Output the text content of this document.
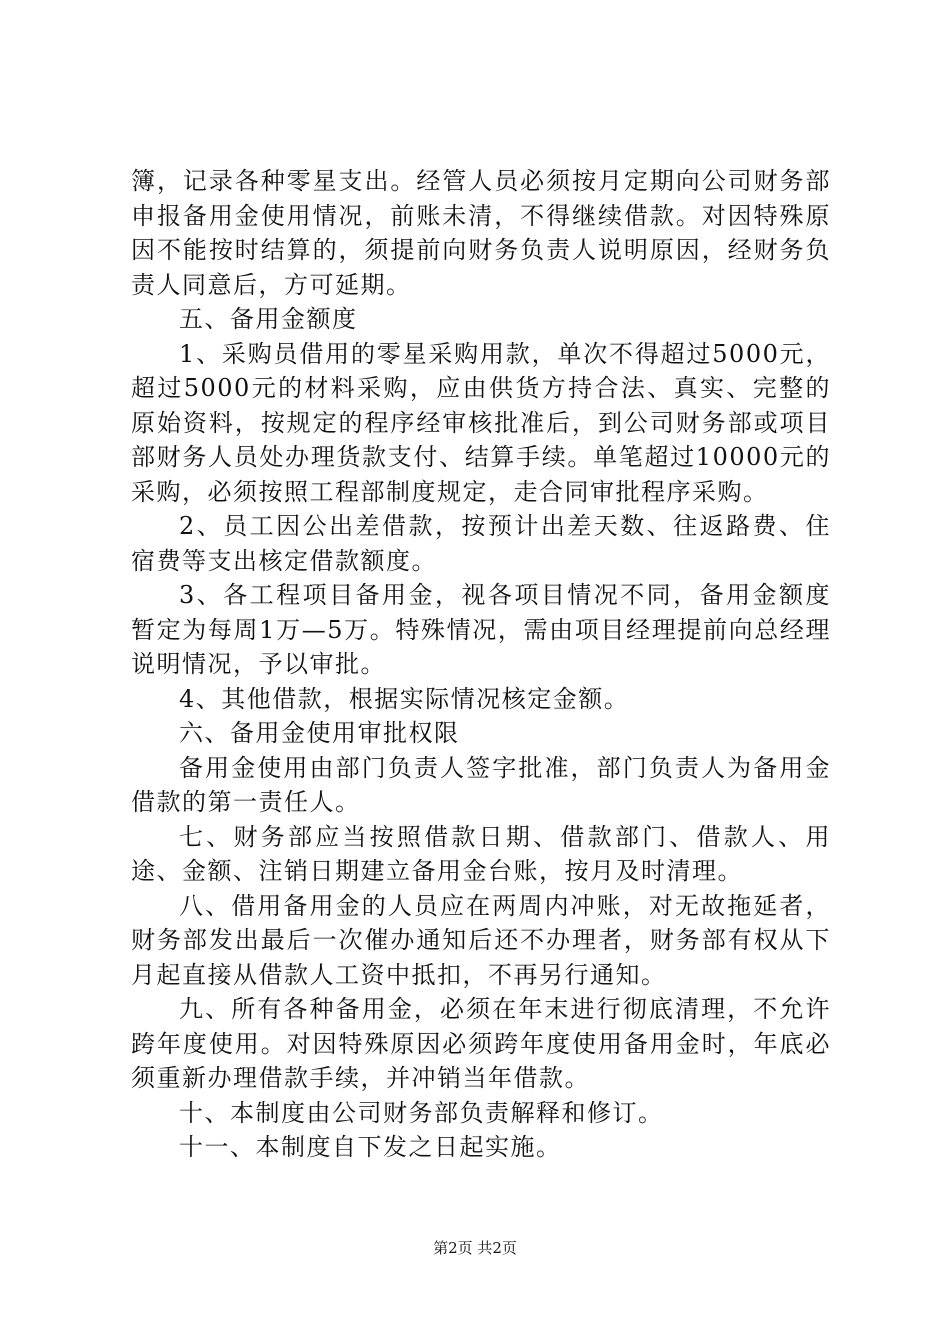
簿，记录各种零星支出。经管人员必须按月定期向公司财务部申报备用金使用情况，前账未清，不得继续借款。对因特殊原因不能按时结算的，须提前向财务负责人说明原因，经财务负责人同意后，方可延期。

五、备用金额度

1、采购员借用的零星采购用款，单次不得超过5000元，超过5000元的材料采购，应由供货方持合法、真实、完整的原始资料，按规定的程序经审核批准后，到公司财务部或项目部财务人员处办理货款支付、结算手续。单笔超过10000元的采购，必须按照工程部制度规定，走合同审批程序采购。

2、员工因公出差借款，按预计出差天数、往返路费、住宿费等支出核定借款额度。

3、各工程项目备用金，视各项目情况不同，备用金额度暂定为每周1万—5万。特殊情况，需由项目经理提前向总经理说明情况，予以审批。

4、其他借款，根据实际情况核定金额。

六、备用金使用审批权限

备用金使用由部门负责人签字批准，部门负责人为备用金借款的第一责任人。

七、财务部应当按照借款日期、借款部门、借款人、用途、金额、注销日期建立备用金台账，按月及时清理。

八、借用备用金的人员应在两周内冲账，对无故拖延者，财务部发出最后一次催办通知后还不办理者，财务部有权从下月起直接从借款人工资中抵扣，不再另行通知。

九、所有各种备用金，必须在年末进行彻底清理，不允许跨年度使用。对因特殊原因必须跨年度使用备用金时，年底必须重新办理借款手续，并冲销当年借款。

十、本制度由公司财务部负责解释和修订。

十一、本制度自下发之日起实施。

第2页 共2页
